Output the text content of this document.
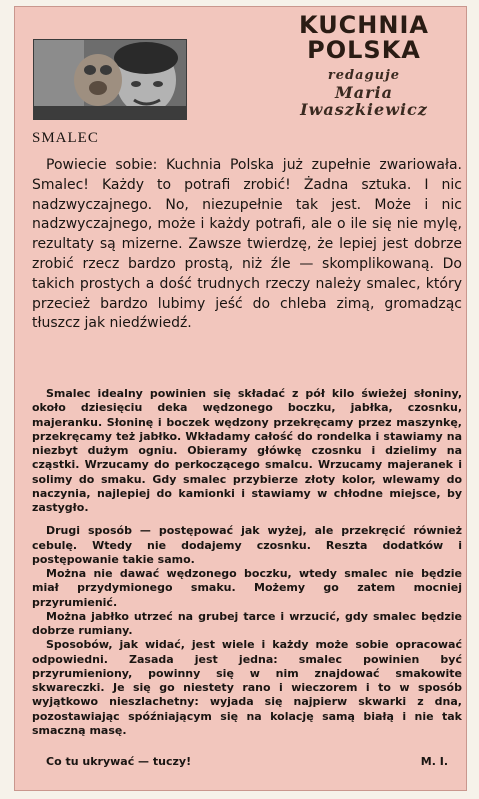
KUCHNIA
POLSKA
redaguje
Maria
Iwaszkiewicz
SMALEC

Powiecie sobie: Kuchnia Polska już zupełnie zwariowała. Smalec! Każdy to potrafi zrobić! Żadna sztuka. I nic nadzwyczajnego. No, niezupełnie tak jest. Może i nic nadzwyczajnego, może i każdy potrafi, ale o ile się nie mylę, rezultaty są mizerne. Zawsze twierdzę, że lepiej jest dobrze zrobić rzecz bardzo prostą, niż źle — skomplikowaną. Do takich prostych a dość trudnych rzeczy należy smalec, który przecież bardzo lubimy jeść do chleba zimą, gromadząc tłuszcz jak niedźwiedź.

Smalec idealny powinien się składać z pół kilo świeżej słoniny, około dziesięciu deka wędzonego boczku, jabłka, czosnku, majeranku. Słoninę i boczek wędzony przekręcamy przez maszynkę, przekręcamy też jabłko. Wkładamy całość do rondelka i stawiamy na niezbyt dużym ogniu. Obieramy główkę czosnku i dzielimy na cząstki. Wrzucamy do perkoczącego smalcu. Wrzucamy majeranek i solimy do smaku. Gdy smalec przybierze złoty kolor, wlewamy do naczynia, najlepiej do kamionki i stawiamy w chłodne miejsce, by zastygło.

Drugi sposób — postępować jak wyżej, ale przekręcić również cebulę. Wtedy nie dodajemy czosnku. Reszta dodatków i postępowanie takie samo.

Można nie dawać wędzonego boczku, wtedy smalec nie będzie miał przydymionego smaku. Możemy go zatem mocniej przyrumienić.

Można jabłko utrzeć na grubej tarce i wrzucić, gdy smalec będzie dobrze rumiany.

Sposobów, jak widać, jest wiele i każdy może sobie opracować odpowiedni. Zasada jest jedna: smalec powinien być przyrumieniony, powinny się w nim znajdować smakowite skwareczki. Je się go niestety rano i wieczorem i to w sposób wyjątkowo nieszlachetny: wyjada się najpierw skwarki z dna, pozostawiając spóźniającym się na kolację samą białą i nie tak smaczną masę.

Co tu ukrywać — tuczy!	M. I.
